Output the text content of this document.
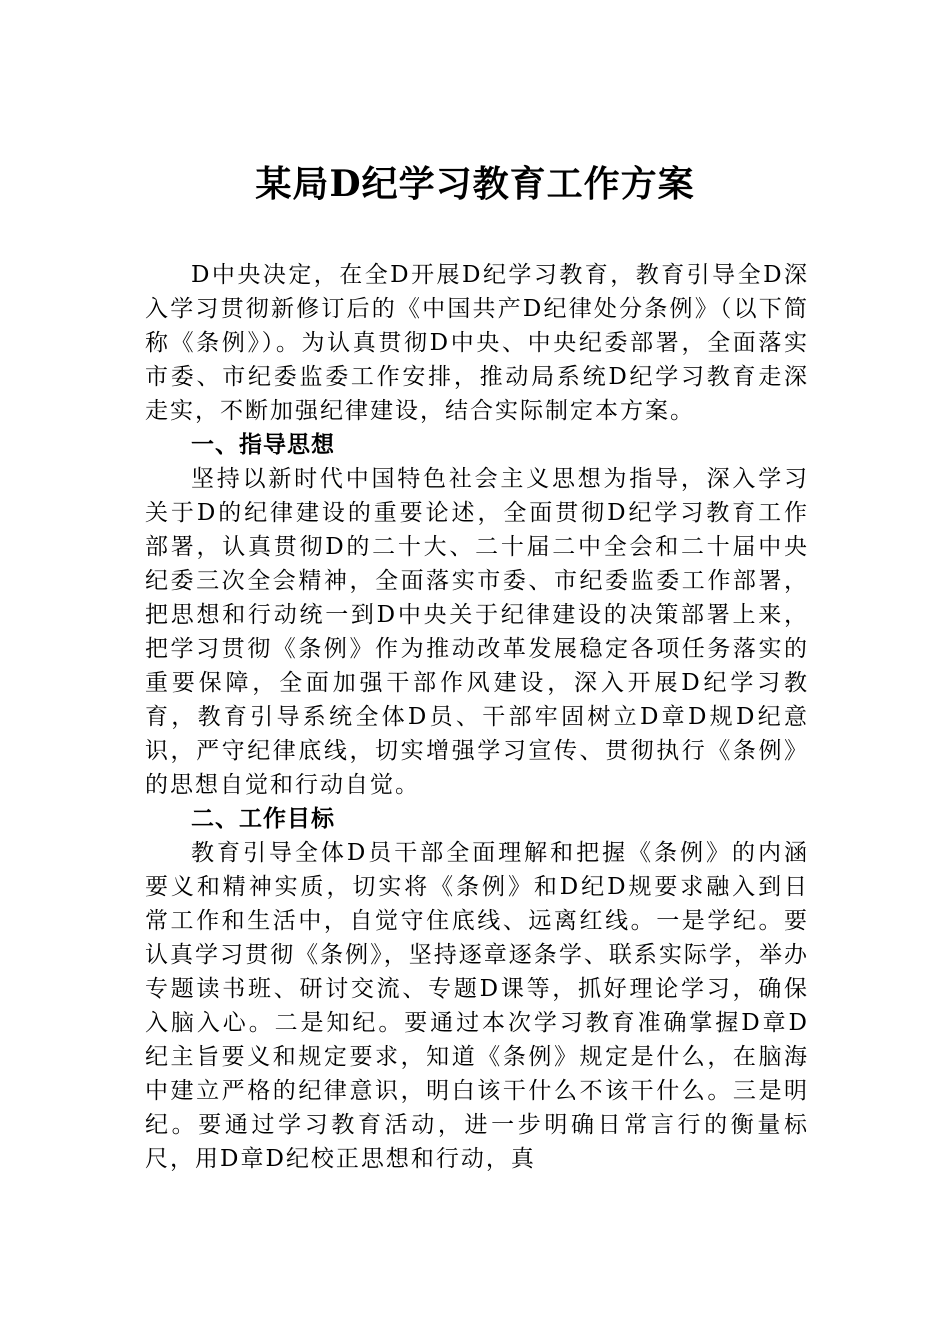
某局D纪学习教育工作方案

D中央决定，在全D开展D纪学习教育，教育引导全D深入学习贯彻新修订后的《中国共产D纪律处分条例》（以下简称《条例》）。为认真贯彻D中央、中央纪委部署，全面落实市委、市纪委监委工作安排，推动局系统D纪学习教育走深走实，不断加强纪律建设，结合实际制定本方案。

一、指导思想

坚持以新时代中国特色社会主义思想为指导，深入学习关于D的纪律建设的重要论述，全面贯彻D纪学习教育工作部署，认真贯彻D的二十大、二十届二中全会和二十届中央纪委三次全会精神，全面落实市委、市纪委监委工作部署，把思想和行动统一到D中央关于纪律建设的决策部署上来，把学习贯彻《条例》作为推动改革发展稳定各项任务落实的重要保障，全面加强干部作风建设，深入开展D纪学习教育，教育引导系统全体D员、干部牢固树立D章D规D纪意识，严守纪律底线，切实增强学习宣传、贯彻执行《条例》的思想自觉和行动自觉。

二、工作目标

教育引导全体D员干部全面理解和把握《条例》的内涵要义和精神实质，切实将《条例》和D纪D规要求融入到日常工作和生活中，自觉守住底线、远离红线。一是学纪。要认真学习贯彻《条例》，坚持逐章逐条学、联系实际学，举办专题读书班、研讨交流、专题D课等，抓好理论学习，确保入脑入心。二是知纪。要通过本次学习教育准确掌握D章D纪主旨要义和规定要求，知道《条例》规定是什么，在脑海中建立严格的纪律意识，明白该干什么不该干什么。三是明纪。要通过学习教育活动，进一步明确日常言行的衡量标尺，用D章D纪校正思想和行动，真
